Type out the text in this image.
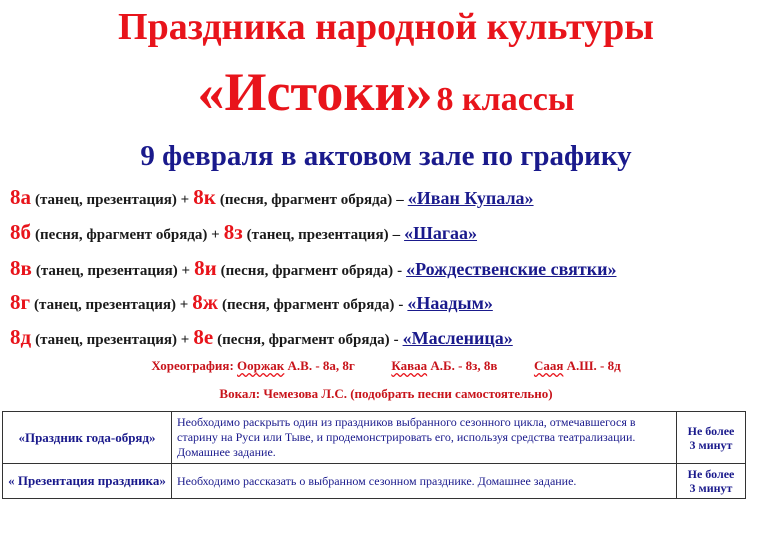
Праздника народной культуры
«Истоки» 8 классы
9 февраля в актовом зале по графику
8а (танец, презентация) + 8к (песня, фрагмент обряда) – «Иван Купала»
8б (песня, фрагмент обряда) + 8з (танец, презентация) – «Шагаа»
8в (танец, презентация) + 8и (песня, фрагмент обряда) - «Рождественские святки»
8г (танец, презентация) + 8ж (песня, фрагмент обряда) - «Наадым»
8д (танец, презентация) + 8е (песня, фрагмент обряда) - «Масленица»
Хореография: Ооржак А.В. - 8а, 8г	Каваа А.Б. - 8з, 8в	Саая А.Ш. - 8д
Вокал: Чемезова Л.С. (подобрать песни самостоятельно)
«Праздник года-обряд»	Необходимо раскрыть один из праздников выбранного сезонного цикла, отмечавшегося в старину на Руси или Тыве, и продемонстрировать его, используя средства театрализации. Домашнее задание.	Не более
3 минут
« Презентация праздника»	Необходимо рассказать о выбранном сезонном празднике. Домашнее задание.	Не более
3 минут
